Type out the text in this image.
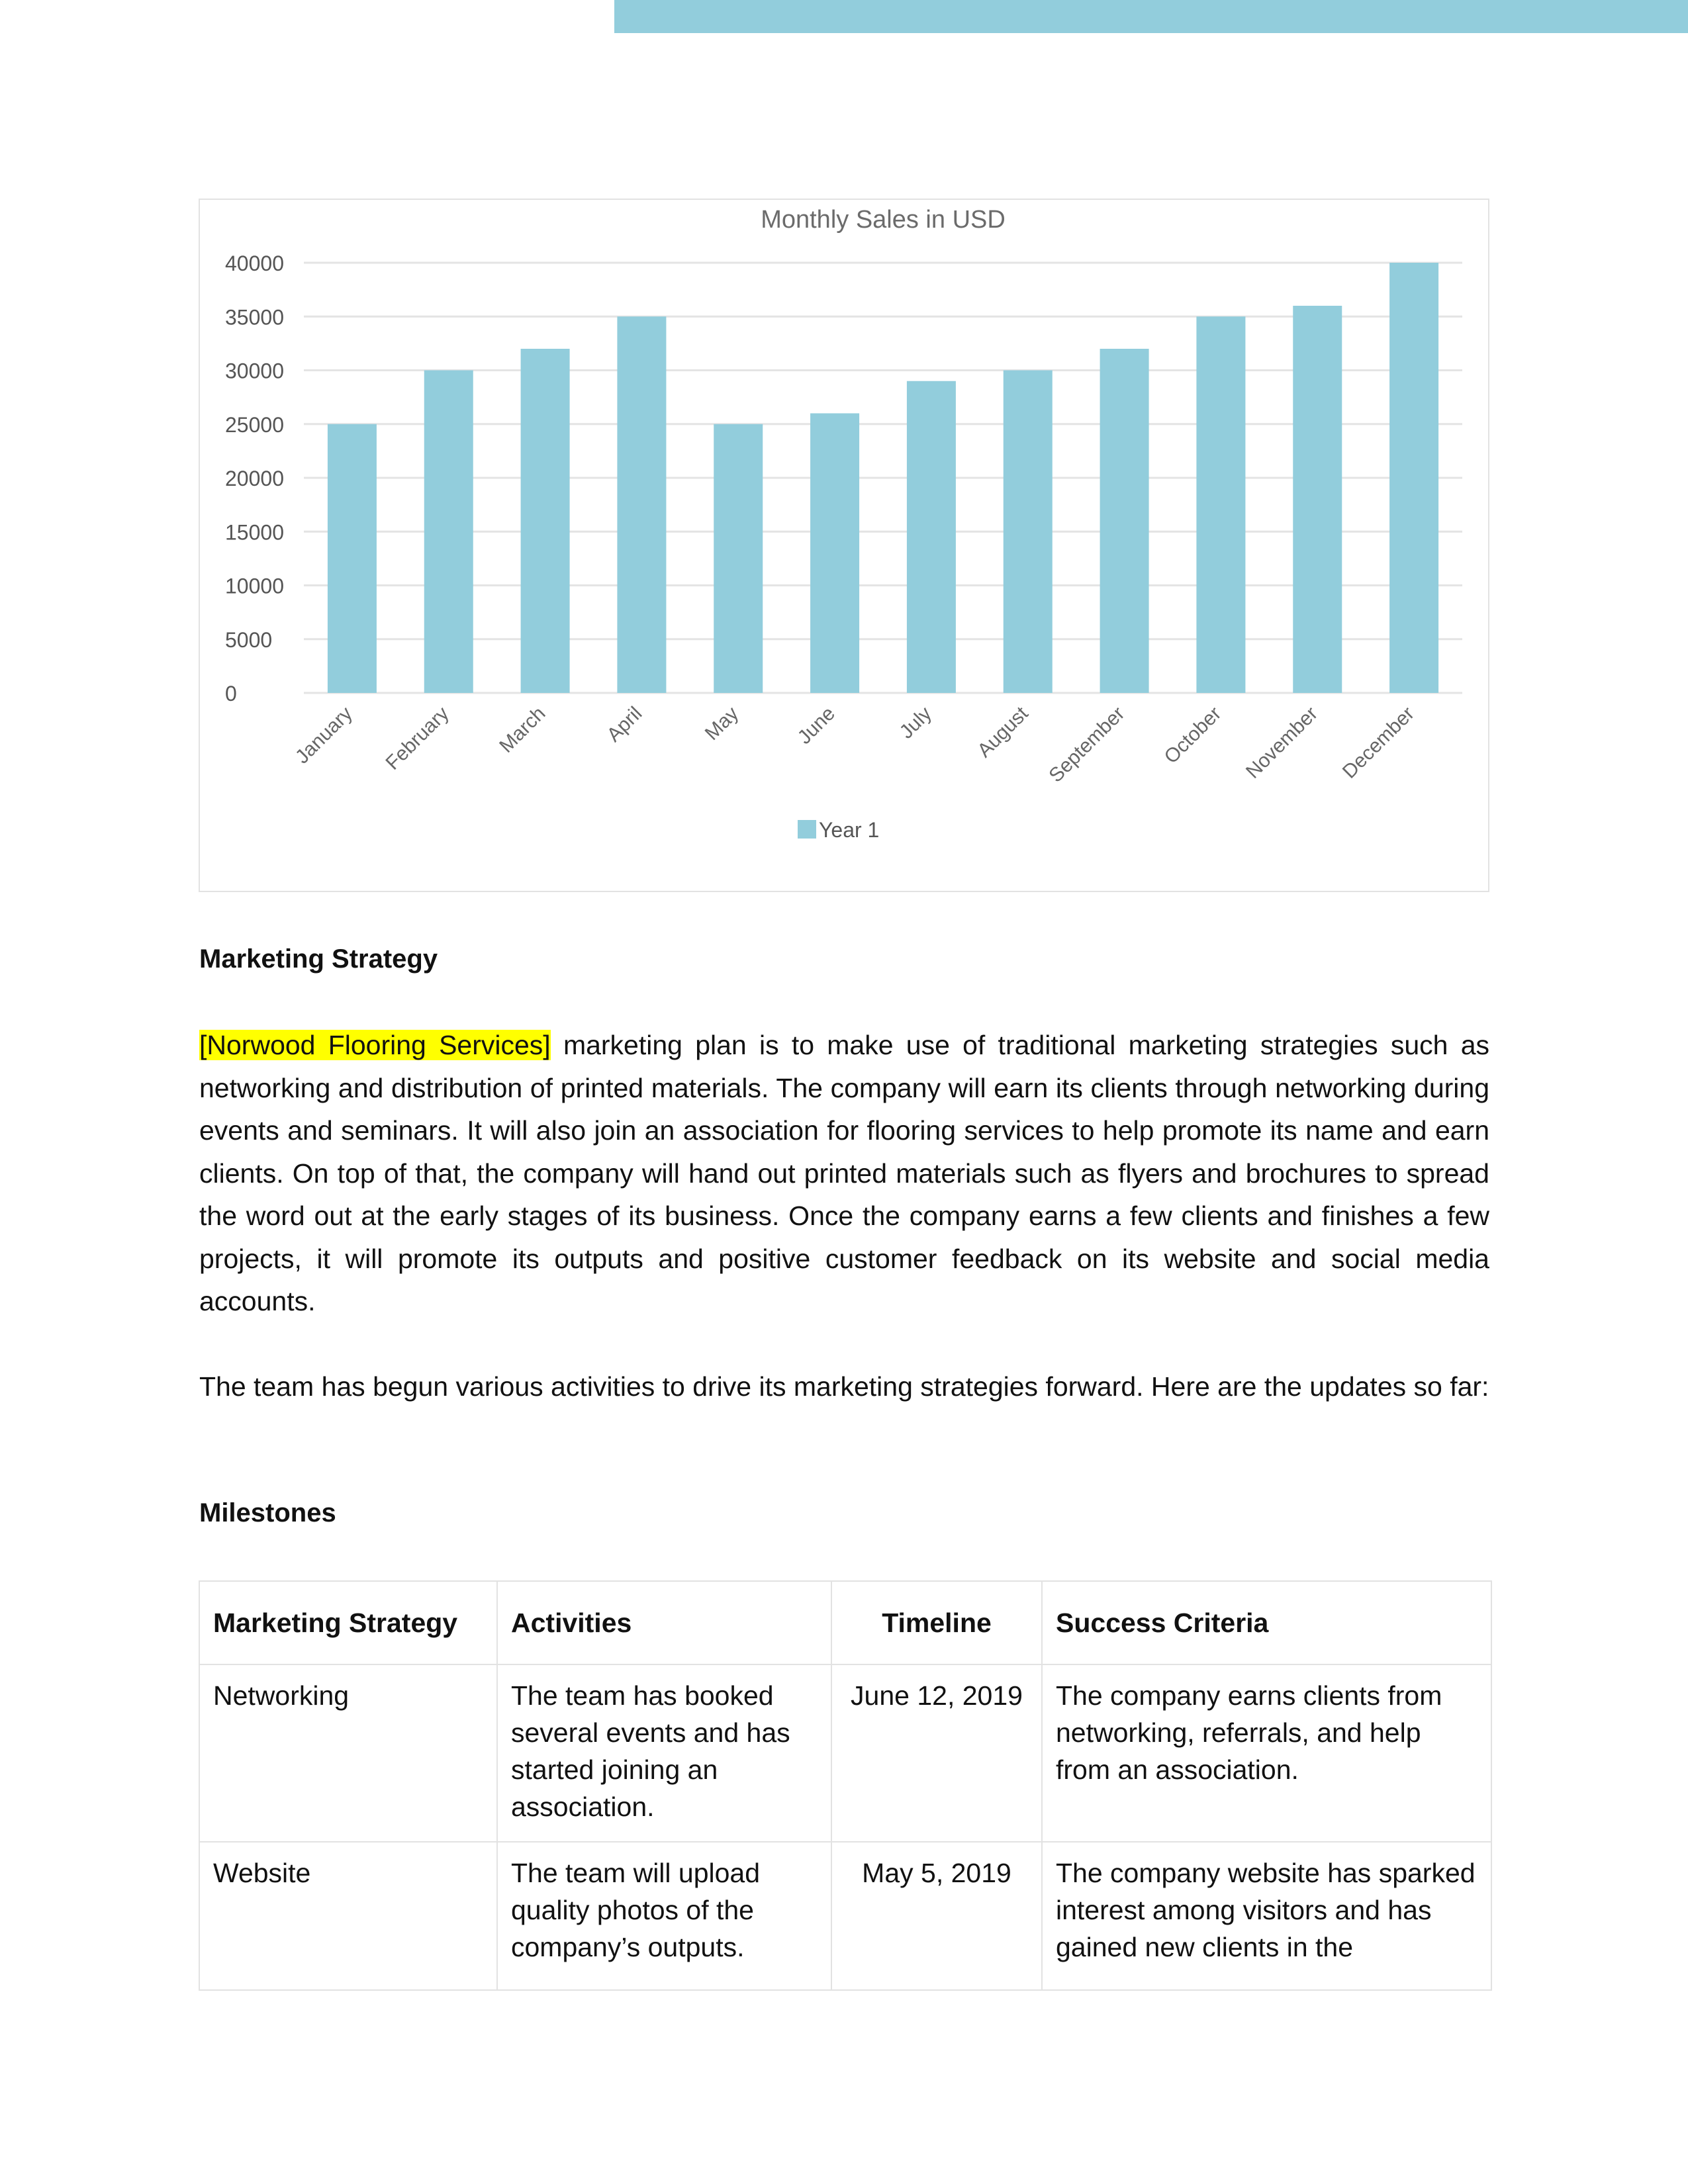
Monthly Sales in USD
0
5000
10000
15000
20000
25000
30000
35000
40000
January February March	April	May	June	July August September October November December
Year 1
Marketing Strategy
[Norwood Flooring Services] marketing plan is to make use of traditional marketing strategies such as networking and distribution of printed materials. The company will earn its clients through networking during events and seminars. It will also join an association for flooring services to help promote its name and earn clients. On top of that, the company will hand out printed materials such as flyers and brochures to spread the word out at the early stages of its business. Once the company earns a few clients and finishes a few projects, it will promote its outputs and positive customer feedback on its website and social media accounts.
The team has begun various activities to drive its marketing strategies forward. Here are the updates so far:
Milestones
Marketing Strategy	Activities	Timeline	Success Criteria
Networking	The team has booked several events and has started joining an association.	June 12, 2019	The company earns clients from networking, referrals, and help from an association.
Website	The team will upload quality photos of the company’s outputs.	May 5, 2019	The company website has sparked interest among visitors and has gained new clients in the
